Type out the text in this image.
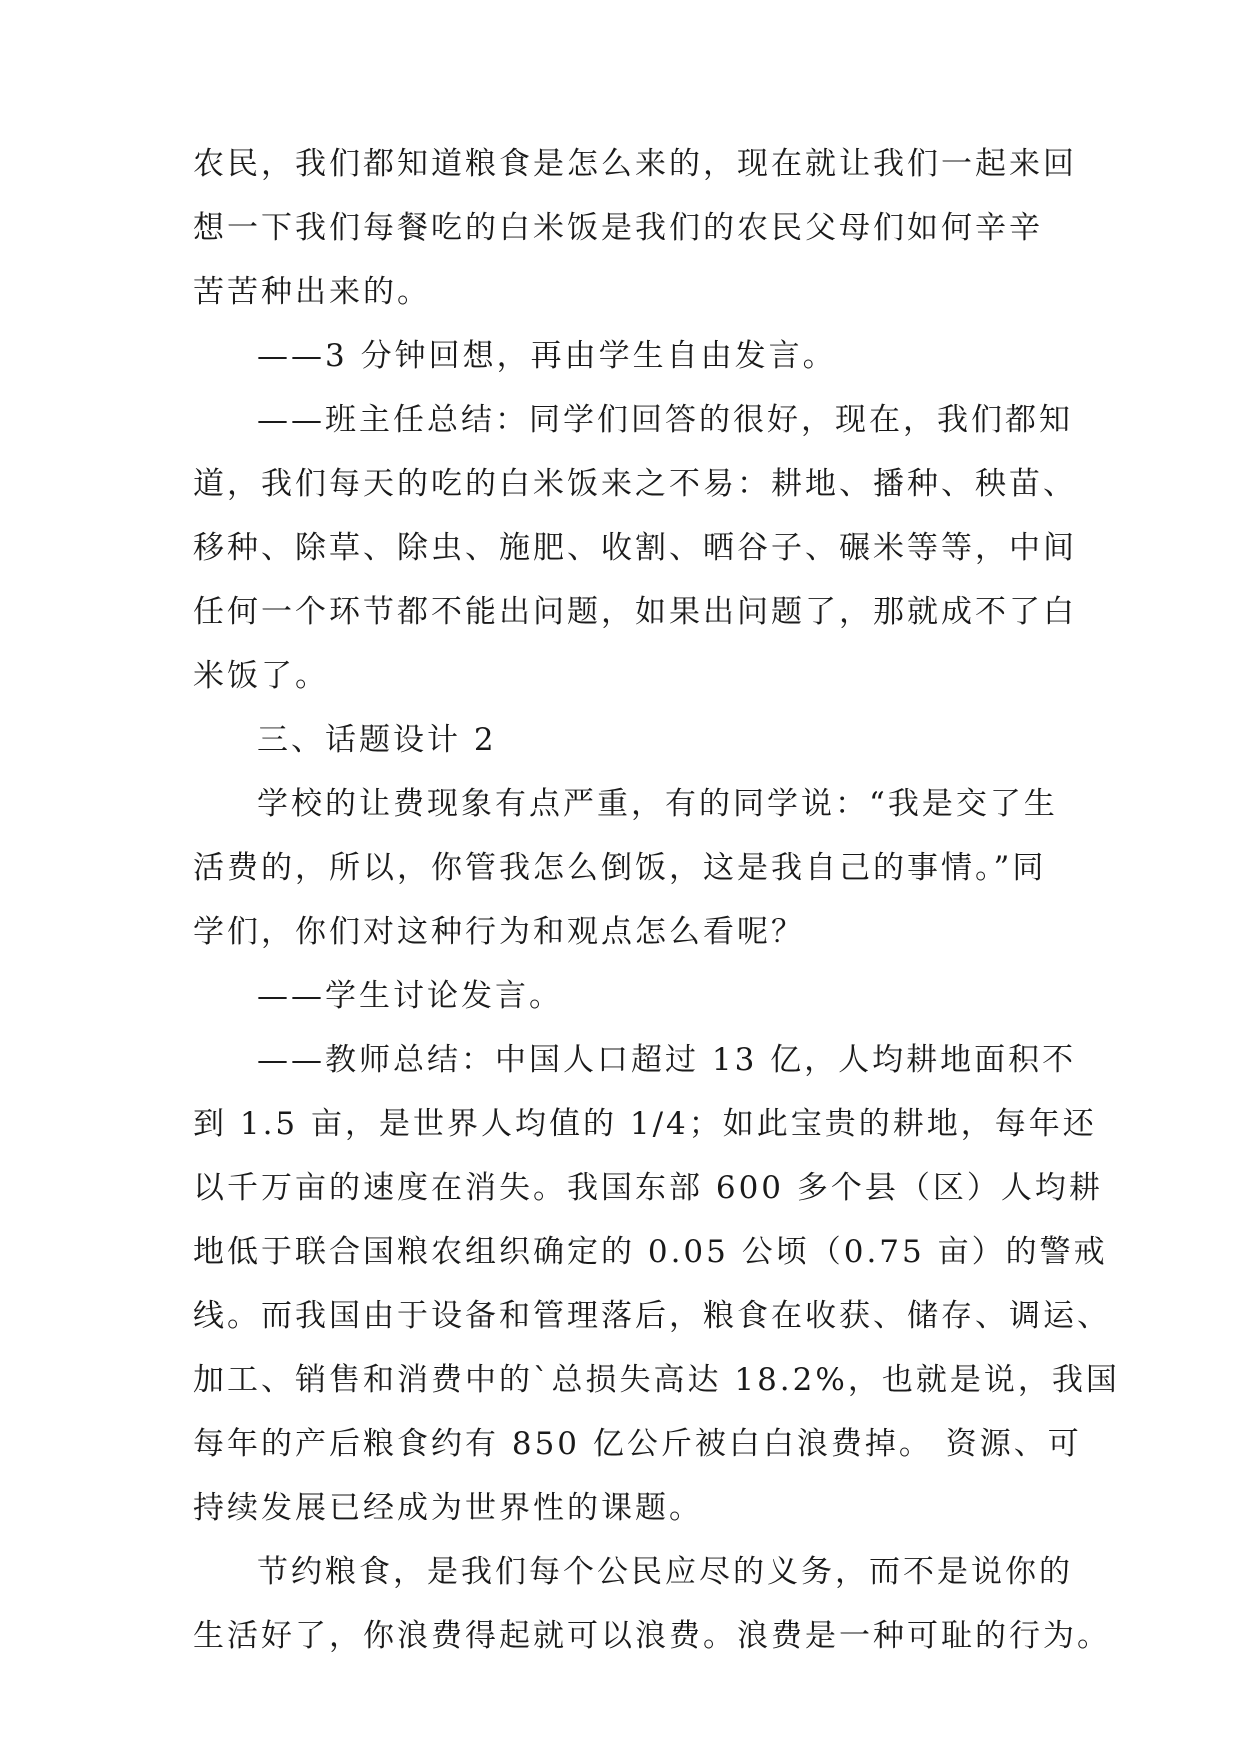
农民，我们都知道粮食是怎么来的，现在就让我们一起来回
想一下我们每餐吃的白米饭是我们的农民父母们如何辛辛
苦苦种出来的。
——3 分钟回想，再由学生自由发言。
——班主任总结：同学们回答的很好，现在，我们都知
道，我们每天的吃的白米饭来之不易：耕地、播种、秧苗、
移种、除草、除虫、施肥、收割、晒谷子、碾米等等，中间
任何一个环节都不能出问题，如果出问题了，那就成不了白
米饭了。
三、话题设计 2
学校的让费现象有点严重，有的同学说：“我是交了生
活费的，所以，你管我怎么倒饭，这是我自己的事情。”同
学们，你们对这种行为和观点怎么看呢？
——学生讨论发言。
——教师总结：中国人口超过 13 亿，人均耕地面积不
到 1.5 亩，是世界人均值的 1/4；如此宝贵的耕地，每年还
以千万亩的速度在消失。我国东部 600 多个县（区）人均耕
地低于联合国粮农组织确定的 0.05 公顷（0.75 亩）的警戒
线。而我国由于设备和管理落后，粮食在收获、储存、调运、
加工、销售和消费中的`总损失高达 18.2%，也就是说，我国
每年的产后粮食约有 850 亿公斤被白白浪费掉。 资源、可
持续发展已经成为世界性的课题。
节约粮食，是我们每个公民应尽的义务，而不是说你的
生活好了，你浪费得起就可以浪费。浪费是一种可耻的行为。
